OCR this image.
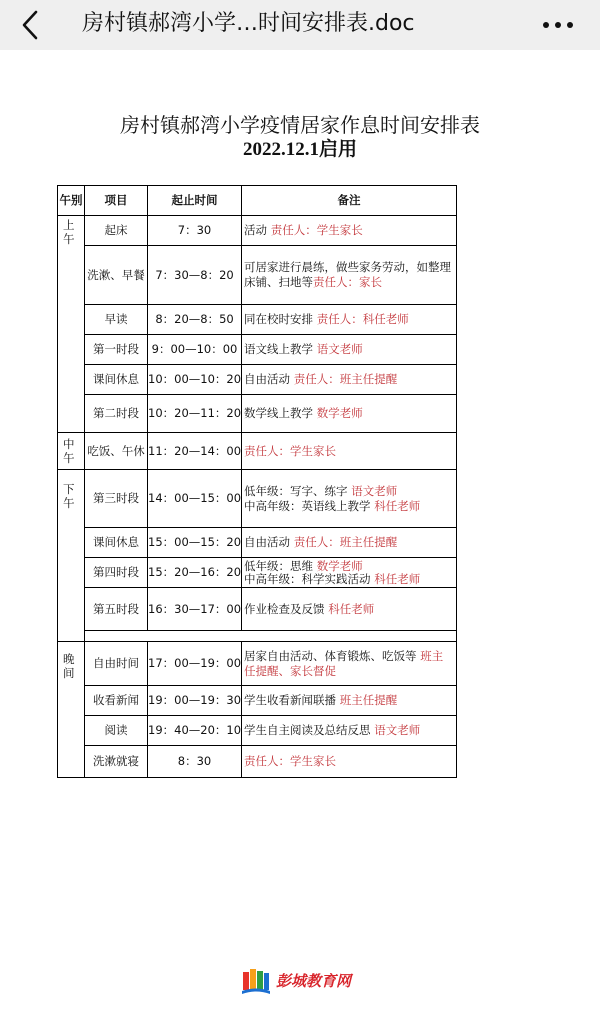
房村镇郝湾小学…时间安排表.doc
房村镇郝湾小学疫情居家作息时间安排表
2022.12.1启用
午别	项目	起止时间	备注
上午	起床	7：30	活动 责任人：学生家长
	洗漱、早餐	7：30—8：20	可居家进行晨练，做些家务劳动，如整理床铺、扫地等责任人：家长
	早读	8：20—8：50	同在校时安排 责任人：科任老师
	第一时段	9：00—10：00	语文线上教学 语文老师
	课间休息	10：00—10：20	自由活动 责任人：班主任提醒
	第二时段	10：20—11：20	数学线上教学 数学老师
中午	吃饭、午休	11：20—14：00	责任人：学生家长
下午	第三时段	14：00—15：00	低年级：写字、练字 语文老师
中高年级：英语线上教学 科任老师
	课间休息	15：00—15：20	自由活动 责任人：班主任提醒
	第四时段	15：20—16：20	低年级：思维 数学老师
中高年级：科学实践活动 科任老师
	第五时段	16：30—17：00	作业检查及反馈 科任老师

晚间	自由时间	17：00—19：00	居家自由活动、体育锻炼、吃饭等 班主任提醒、家长督促
	收看新闻	19：00—19：30	学生收看新闻联播 班主任提醒
	阅读	19：40—20：10	学生自主阅读及总结反思 语文老师
	洗漱就寝	8：30	责任人：学生家长
彭城教育网
